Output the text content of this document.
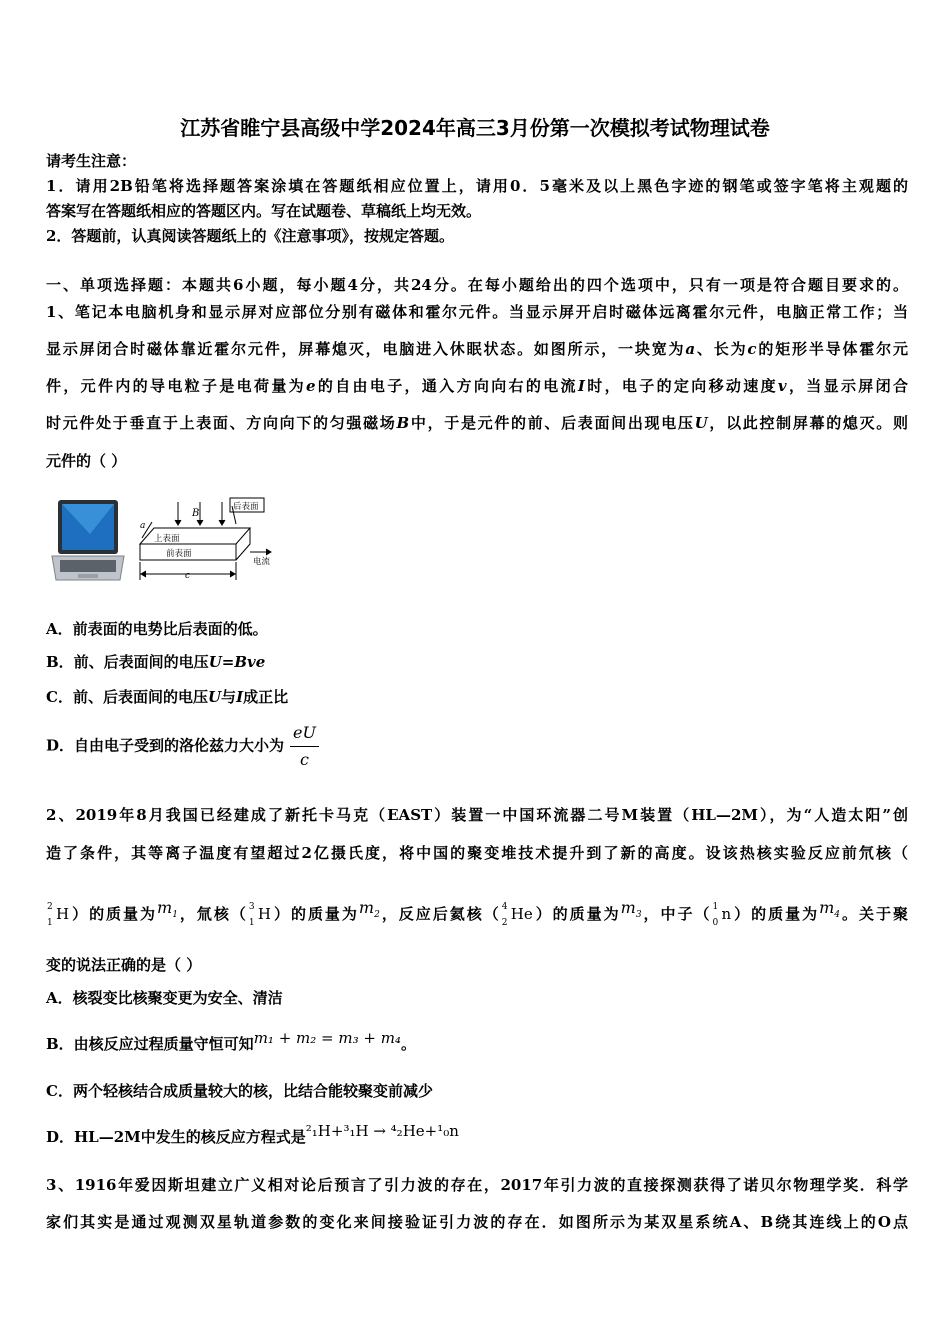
江苏省睢宁县高级中学2024年高三3月份第一次模拟考试物理试卷
请考生注意：
1．请用2B铅笔将选择题答案涂填在答题纸相应位置上，请用0．5毫米及以上黑色字迹的钢笔或签字笔将主观题的
答案写在答题纸相应的答题区内。写在试题卷、草稿纸上均无效。
2．答题前，认真阅读答题纸上的《注意事项》，按规定答题。
一、单项选择题：本题共6小题，每小题4分，共24分。在每小题给出的四个选项中，只有一项是符合题目要求的。
1、笔记本电脑机身和显示屏对应部位分别有磁体和霍尔元件。当显示屏开启时磁体远离霍尔元件，电脑正常工作；当
显示屏闭合时磁体靠近霍尔元件，屏幕熄灭，电脑进入休眠状态。如图所示，一块宽为a、长为c的矩形半导体霍尔元
件，元件内的导电粒子是电荷量为e的自由电子，通入方向向右的电流I时，电子的定向移动速度v，当显示屏闭合
时元件处于垂直于上表面、方向向下的匀强磁场B中，于是元件的前、后表面间出现电压U，以此控制屏幕的熄灭。则
元件的（ ）
B
后表面
上表面
前表面
电流
a
c
A．前表面的电势比后表面的低。
B．前、后表面间的电压U=Bve
C．前、后表面间的电压U与I成正比
D．自由电子受到的洛伦兹力大小为 $\frac{eU}{c}$
2、2019年8月我国已经建成了新托卡马克（EAST）装置一中国环流器二号M装置（HL—2M），为“人造太阳”创
造了条件，其等离子温度有望超过2亿摄氏度，将中国的聚变堆技术提升到了新的高度。设该热核实验反应前氘核（
2
1 H）的质量为$m_1$，氚核（ 3
1 H）的质量为$m_2$，反应后氦核（ 4
2 He）的质量为$m_3$，中子（ 1
0 n）的质量为$m_4$。关于聚
变的说法正确的是（ ）
A．核裂变比核聚变更为安全、清洁
B．由核反应过程质量守恒可知m₁ + m₂ = m₃ + m₄。
C．两个轻核结合成质量较大的核，比结合能较聚变前减少
D．HL—2M中发生的核反应方程式是²₁H+³₁H → ⁴₂He+¹₀n
3、1916年爱因斯坦建立广义相对论后预言了引力波的存在，2017年引力波的直接探测获得了诺贝尔物理学奖．科学
家们其实是通过观测双星轨道参数的变化来间接验证引力波的存在．如图所示为某双星系统A、B绕其连线上的O点
